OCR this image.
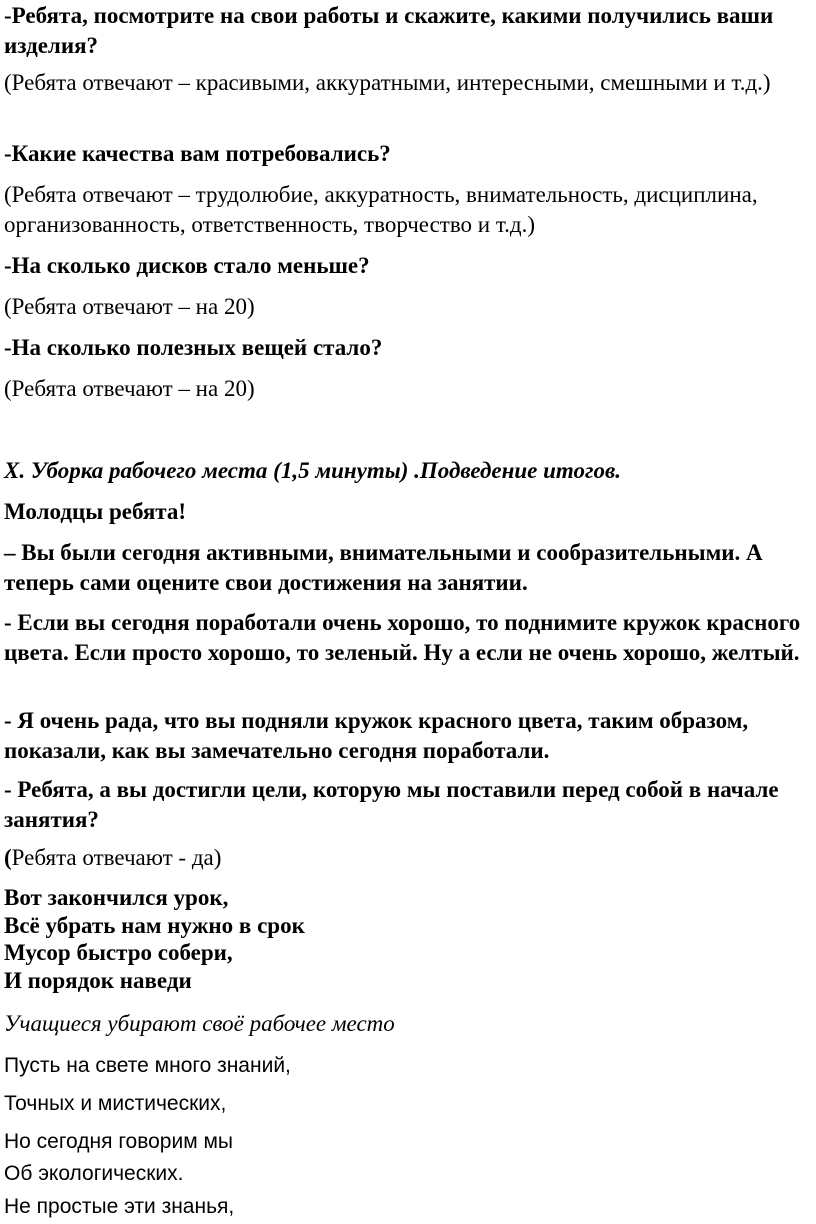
-Ребята, посмотрите на свои работы и скажите, какими получились ваши изделия?

(Ребята отвечают – красивыми, аккуратными, интересными, смешными и т.д.)

-Какие качества вам потребовались?

(Ребята отвечают – трудолюбие, аккуратность, внимательность, дисциплина, организованность, ответственность, творчество и т.д.)

-На сколько дисков стало меньше?

(Ребята отвечают – на 20)

-На сколько полезных вещей стало?

(Ребята отвечают – на 20)

X. Уборка рабочего места (1,5 минуты) .Подведение итогов.

Молодцы ребята!

– Вы были сегодня активными, внимательными и сообразительными. А теперь сами оцените свои достижения на занятии.

- Если вы сегодня поработали очень хорошо, то поднимите кружок красного цвета. Если просто хорошо, то зеленый. Ну а если не очень хорошо, желтый.

- Я очень рада, что вы подняли кружок красного цвета, таким образом, показали, как вы замечательно сегодня поработали.

- Ребята, а вы достигли цели, которую мы поставили перед собой в начале занятия?

(Ребята отвечают - да)

Вот закончился урок,
Всё убрать нам нужно в срок
Мусор быстро собери,
И порядок наведи

Учащиеся убирают своё рабочее место

Пусть на свете много знаний,
Точных и мистических,
Но сегодня говорим мы
Об экологических.
Не простые эти знанья,
